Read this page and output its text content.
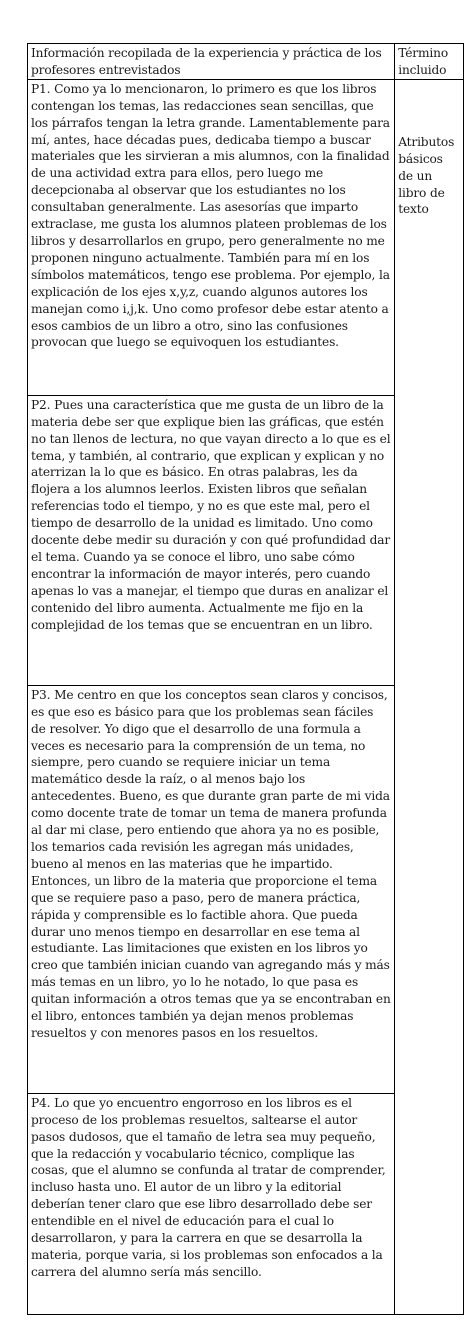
Información recopilada de la experiencia y práctica de los profesores entrevistados	Término incluido

P1. Como ya lo mencionaron, lo primero es que los libros contengan los temas, las redacciones sean sencillas, que los párrafos tengan la letra grande. Lamentablemente para mí, antes, hace décadas pues, dedicaba tiempo a buscar materiales que les sirvieran a mis alumnos, con la finalidad de una actividad extra para ellos, pero luego me decepcionaba al observar que los estudiantes no los consultaban generalmente. Las asesorías que imparto extraclase, me gusta los alumnos plateen problemas de los libros y desarrollarlos en grupo, pero generalmente no me proponen ninguno actualmente. También para mí en los símbolos matemáticos, tengo ese problema. Por ejemplo, la explicación de los ejes x,y,z, cuando algunos autores los manejan como i,j,k. Uno como profesor debe estar atento a esos cambios de un libro a otro, sino las confusiones provocan que luego se equivoquen los estudiantes.	Atributos básicos de un libro de texto

P2. Pues una característica que me gusta de un libro de la materia debe ser que explique bien las gráficas, que estén no tan llenos de lectura, no que vayan directo a lo que es el tema, y también, al contrario, que explican y explican y no aterrizan la lo que es básico. En otras palabras, les da flojera a los alumnos leerlos. Existen libros que señalan referencias todo el tiempo, y no es que este mal, pero el tiempo de desarrollo de la unidad es limitado. Uno como docente debe medir su duración y con qué profundidad dar el tema. Cuando ya se conoce el libro, uno sabe cómo encontrar la información de mayor interés, pero cuando apenas lo vas a manejar, el tiempo que duras en analizar el contenido del libro aumenta. Actualmente me fijo en la complejidad de los temas que se encuentran en un libro.	

P3. Me centro en que los conceptos sean claros y concisos, es que eso es básico para que los problemas sean fáciles de resolver. Yo digo que el desarrollo de una formula a veces es necesario para la comprensión de un tema, no siempre, pero cuando se requiere iniciar un tema matemático desde la raíz, o al menos bajo los antecedentes. Bueno, es que durante gran parte de mi vida como docente trate de tomar un tema de manera profunda al dar mi clase, pero entiendo que ahora ya no es posible, los temarios cada revisión les agregan más unidades, bueno al menos en las materias que he impartido. Entonces, un libro de la materia que proporcione el tema que se requiere paso a paso, pero de manera práctica, rápida y comprensible es lo factible ahora. Que pueda durar uno menos tiempo en desarrollar en ese tema al estudiante. Las limitaciones que existen en los libros yo creo que también inician cuando van agregando más y más más temas en un libro, yo lo he notado, lo que pasa es quitan información a otros temas que ya se encontraban en el libro, entonces también ya dejan menos problemas resueltos y con menores pasos en los resueltos.	

P4. Lo que yo encuentro engorroso en los libros es el proceso de los problemas resueltos, saltearse el autor pasos dudosos, que el tamaño de letra sea muy pequeño, que la redacción y vocabulario técnico, complique las cosas, que el alumno se confunda al tratar de comprender, incluso hasta uno. El autor de un libro y la editorial deberían tener claro que ese libro desarrollado debe ser entendible en el nivel de educación para el cual lo desarrollaron, y para la carrera en que se desarrolla la materia, porque varia, si los problemas son enfocados a la carrera del alumno sería más sencillo.	
